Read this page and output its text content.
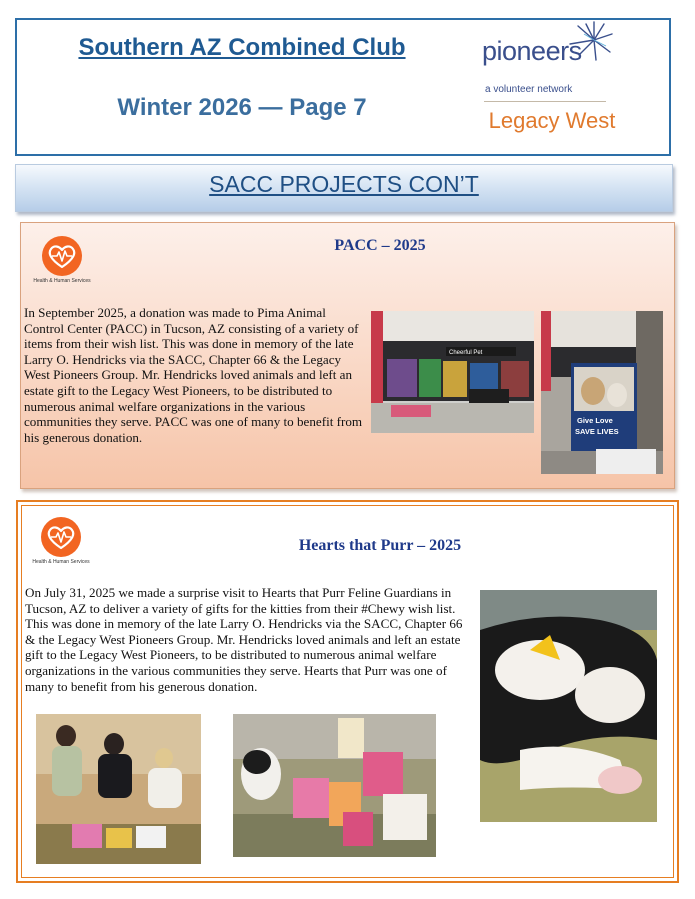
Southern AZ Combined Club
Winter 2026 — Page 7
pioneers
a volunteer network
Legacy West
SACC PROJECTS CON’T
Health & Human Services
PACC – 2025
In September 2025, a donation was made to Pima Animal Control Center (PACC) in Tucson, AZ consisting of a variety of items from their wish list. This was done in memory of the late Larry O. Hendricks via the SACC, Chapter 66 & the Legacy West Pioneers Group. Mr. Hendricks loved animals and left an estate gift to the Legacy West Pioneers, to be distributed to numerous animal welfare organizations in the various communities they serve. PACC was one of many to benefit from his generous donation.
Cheerful Pet
Give Love
SAVE LIVES
Health & Human Services
Hearts that Purr – 2025
On July 31, 2025 we made a surprise visit to Hearts that Purr Feline Guardians in Tucson, AZ to deliver a variety of gifts for the kitties from their #Chewy wish list. This was done in memory of the late Larry O. Hendricks via the SACC, Chapter 66 & the Legacy West Pioneers Group. Mr. Hendricks loved animals and left an estate gift to the Legacy West Pioneers, to be distributed to numerous animal welfare organizations in the various communities they serve. Hearts that Purr was one of many to benefit from his generous donation.
